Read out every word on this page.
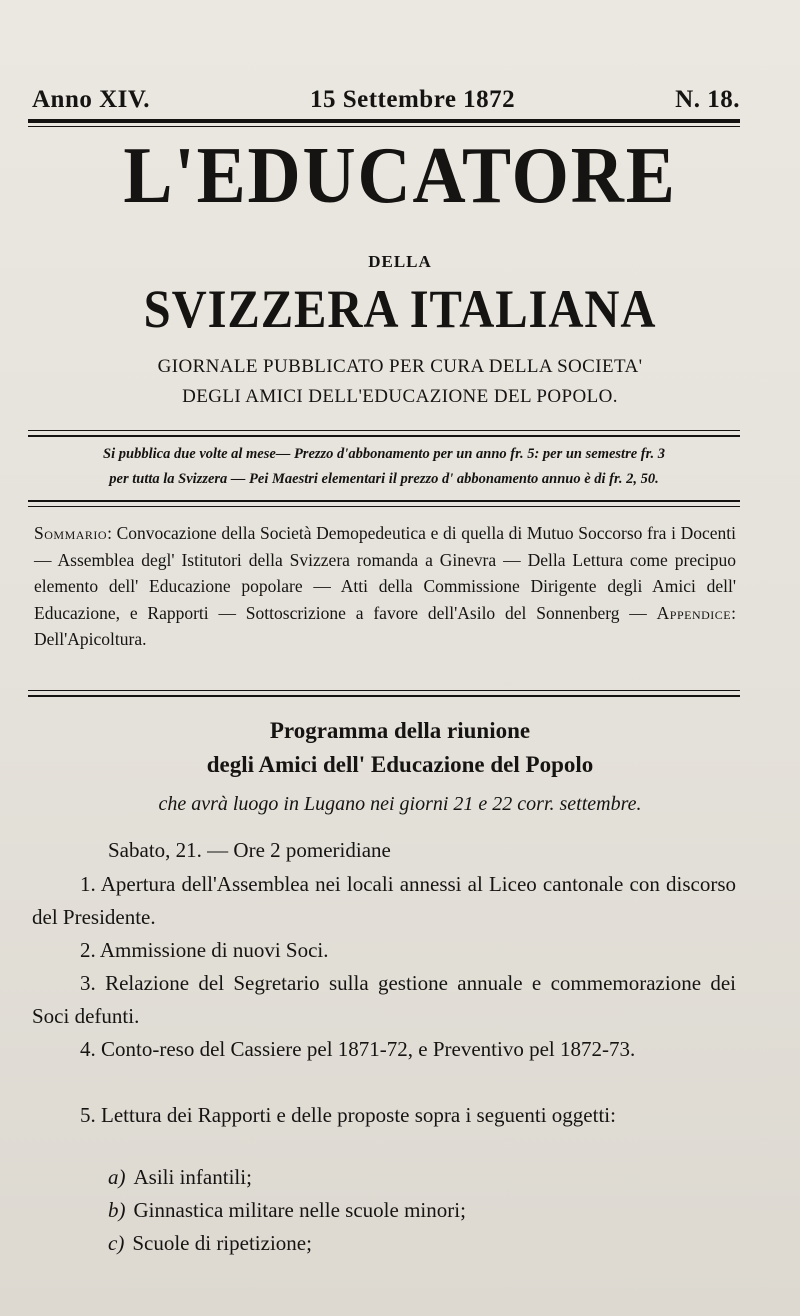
Anno XIV.	15 Settembre 1872	N. 18.
L'EDUCATORE
DELLA
SVIZZERA ITALIANA
GIORNALE PUBBLICATO PER CURA DELLA SOCIETA'
DEGLI AMICI DELL'EDUCAZIONE DEL POPOLO.
Si pubblica due volte al mese— Prezzo d'abbonamento per un anno fr. 5: per un semestre fr. 3
per tutta la Svizzera — Pei Maestri elementari il prezzo d' abbonamento annuo è di fr. 2, 50.
Sommario: Convocazione della Società Demopedeutica e di quella di Mutuo Soccorso fra i Docenti — Assemblea degl' Istitutori della Svizzera romanda a Ginevra — Della Lettura come precipuo elemento dell' Educazione popolare — Atti della Commissione Dirigente degli Amici dell' Educazione, e Rapporti — Sottoscrizione a favore dell'Asilo del Sonnenberg — Appendice: Dell'Apicoltura.
Programma della riunione
degli Amici dell' Educazione del Popolo
che avrà luogo in Lugano nei giorni 21 e 22 corr. settembre.
Sabato, 21. — Ore 2 pomeridiane
1. Apertura dell'Assemblea nei locali annessi al Liceo cantonale con discorso del Presidente.
2. Ammissione di nuovi Soci.
3. Relazione del Segretario sulla gestione annuale e commemorazione dei Soci defunti.
4. Conto-reso del Cassiere pel 1871-72, e Preventivo pel 1872-73.
5. Lettura dei Rapporti e delle proposte sopra i seguenti oggetti:
a) Asili infantili;
b) Ginnastica militare nelle scuole minori;
c) Scuole di ripetizione;
